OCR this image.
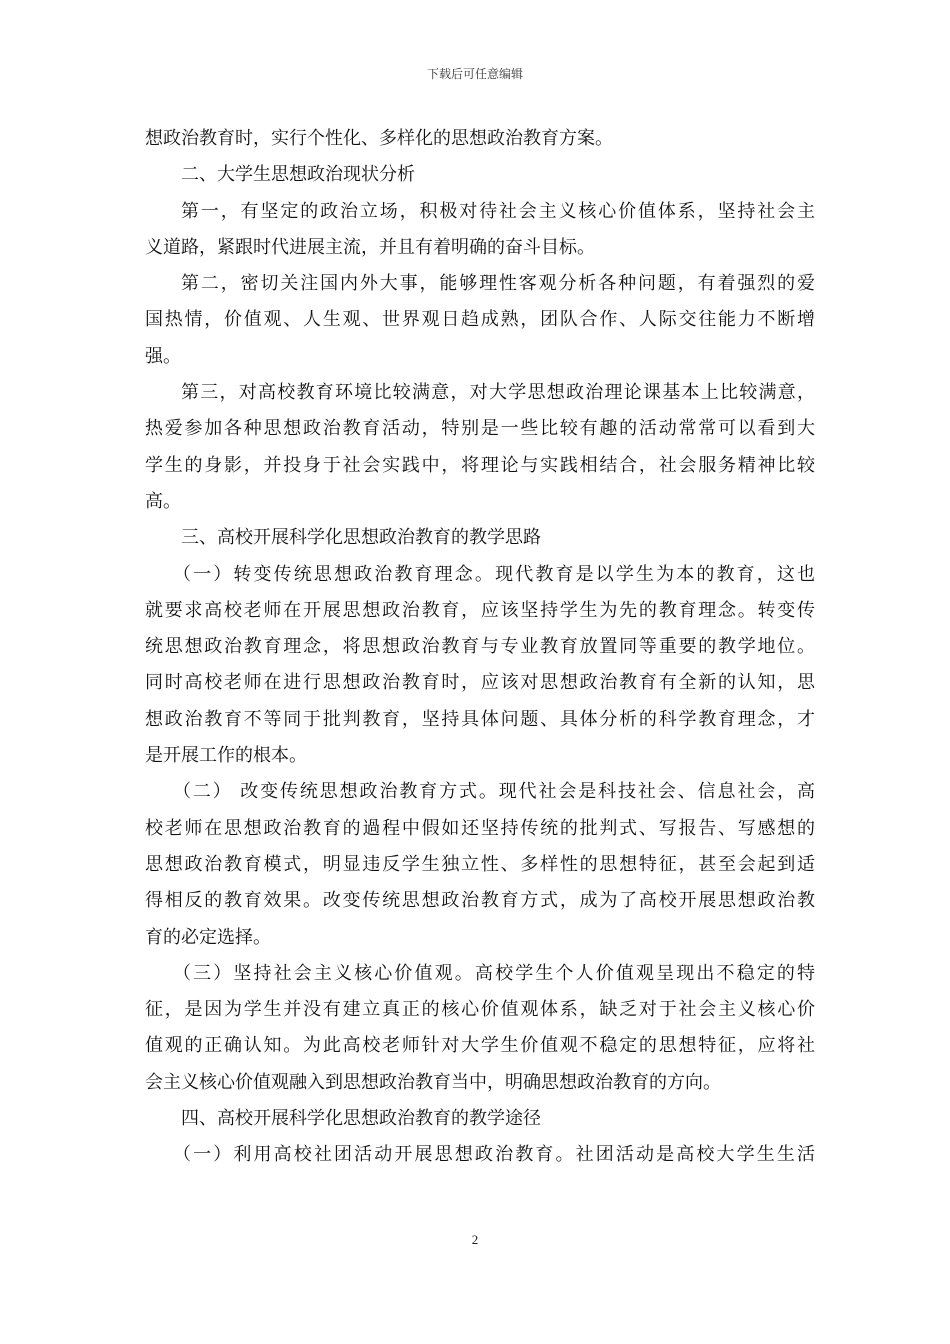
下载后可任意编辑
想政治教育时，实行个性化、多样化的思想政治教育方案。
二、大学生思想政治现状分析
第一，有坚定的政治立场，积极对待社会主义核心价值体系，坚持社会主
义道路，紧跟时代进展主流，并且有着明确的奋斗目标。
第二，密切关注国内外大事，能够理性客观分析各种问题，有着强烈的爱
国热情，价值观、人生观、世界观日趋成熟，团队合作、人际交往能力不断增
强。
第三，对高校教育环境比较满意，对大学思想政治理论课基本上比较满意，
热爱参加各种思想政治教育活动，特别是一些比较有趣的活动常常可以看到大
学生的身影，并投身于社会实践中，将理论与实践相结合，社会服务精神比较
高。
三、高校开展科学化思想政治教育的教学思路
（一）转变传统思想政治教育理念。现代教育是以学生为本的教育，这也
就要求高校老师在开展思想政治教育，应该坚持学生为先的教育理念。转变传
统思想政治教育理念，将思想政治教育与专业教育放置同等重要的教学地位。
同时高校老师在进行思想政治教育时，应该对思想政治教育有全新的认知，思
想政治教育不等同于批判教育，坚持具体问题、具体分析的科学教育理念，才
是开展工作的根本。
（二） 改变传统思想政治教育方式。现代社会是科技社会、信息社会，高
校老师在思想政治教育的過程中假如还坚持传统的批判式、写报告、写感想的
思想政治教育模式，明显违反学生独立性、多样性的思想特征，甚至会起到适
得相反的教育效果。改变传统思想政治教育方式，成为了高校开展思想政治教
育的必定选择。
（三）坚持社会主义核心价值观。高校学生个人价值观呈现出不稳定的特
征，是因为学生并没有建立真正的核心价值观体系，缺乏对于社会主义核心价
值观的正确认知。为此高校老师针对大学生价值观不稳定的思想特征，应将社
会主义核心价值观融入到思想政治教育当中，明确思想政治教育的方向。
四、高校开展科学化思想政治教育的教学途径
（一）利用高校社团活动开展思想政治教育。社团活动是高校大学生生活
2
